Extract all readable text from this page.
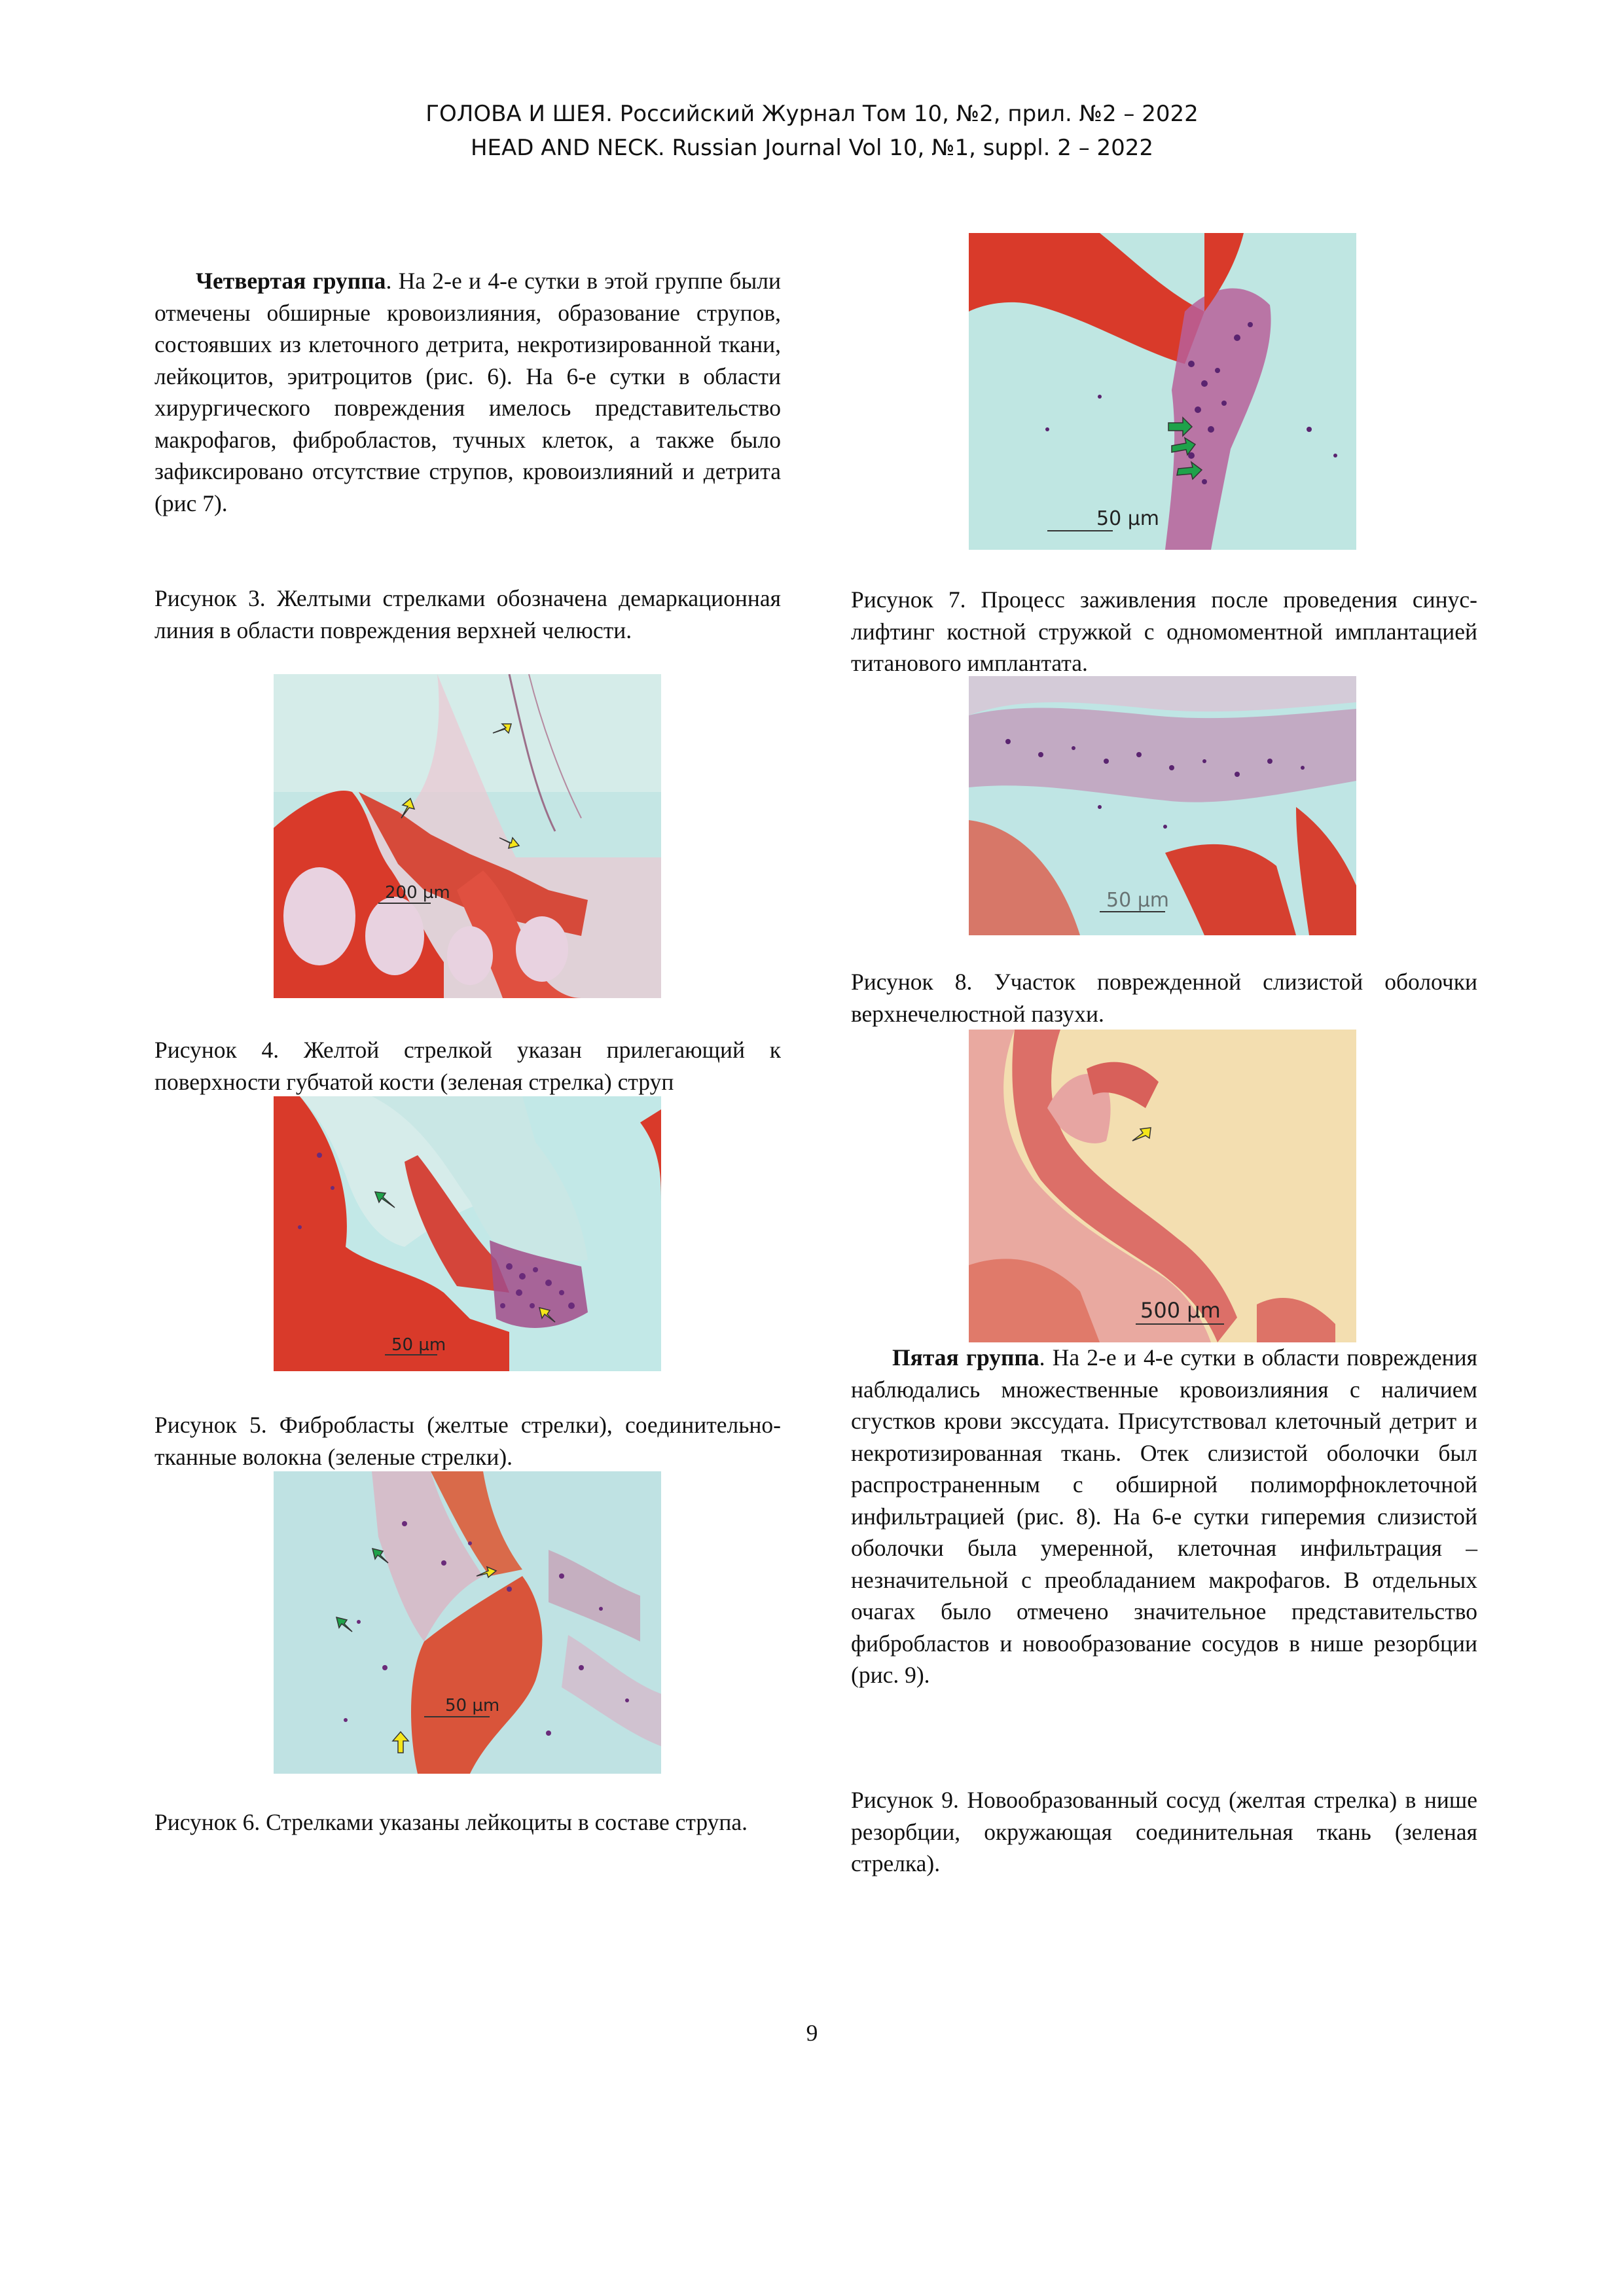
ГОЛОВА И ШЕЯ. Российский Журнал Том 10, №2, прил. №2 – 2022
HEAD AND NECK. Russian Journal Vol 10, №1, suppl. 2 – 2022

Четвертая группа. На 2-е и 4-е сутки в этой группе были отмечены обширные кровоизлияния, образование струпов, состоявших из клеточного детрита, некротизированной ткани, лейкоцитов, эритроцитов (рис. 6). На 6-е сутки в области хирургического повреждения имелось представительство макрофагов, фибробластов, тучных клеток, а также было зафиксировано отсутствие струпов, кровоизлияний и детрита (рис 7).

Рисунок 3. Желтыми стрелками обозначена демаркационная линия в области повреждения верхней челюсти.

200 µm

Рисунок 4. Желтой стрелкой указан прилегающий к поверхности губчатой кости (зеленая стрелка) струп

50 µm

Рисунок 5. Фибробласты (желтые стрелки), соединительно-тканные волокна (зеленые стрелки).

50 µm

Рисунок 6. Стрелками указаны лейкоциты в составе струпа.

50 µm

Рисунок 7. Процесс заживления после проведения синус-лифтинг костной стружкой с одномоментной имплантацией титанового имплантата.

50 µm

Рисунок 8. Участок поврежденной слизистой оболочки верхнечелюстной пазухи.

500 µm

Пятая группа. На 2-е и 4-е сутки в области повреждения наблюдались множественные кровоизлияния с наличием сгустков крови экссудата. Присутствовал клеточный детрит и некротизированная ткань. Отек слизистой оболочки был распространенным с обширной полиморфноклеточной инфильтрацией (рис. 8). На 6-е сутки гиперемия слизистой оболочки была умеренной, клеточная инфильтрация – незначительной с преобладанием макрофагов. В отдельных очагах было отмечено значительное представительство фибробластов и новообразование сосудов в нише резорбции (рис. 9).

Рисунок 9. Новообразованный сосуд (желтая стрелка) в нише резорбции, окружающая соединительная ткань (зеленая стрелка).

9
